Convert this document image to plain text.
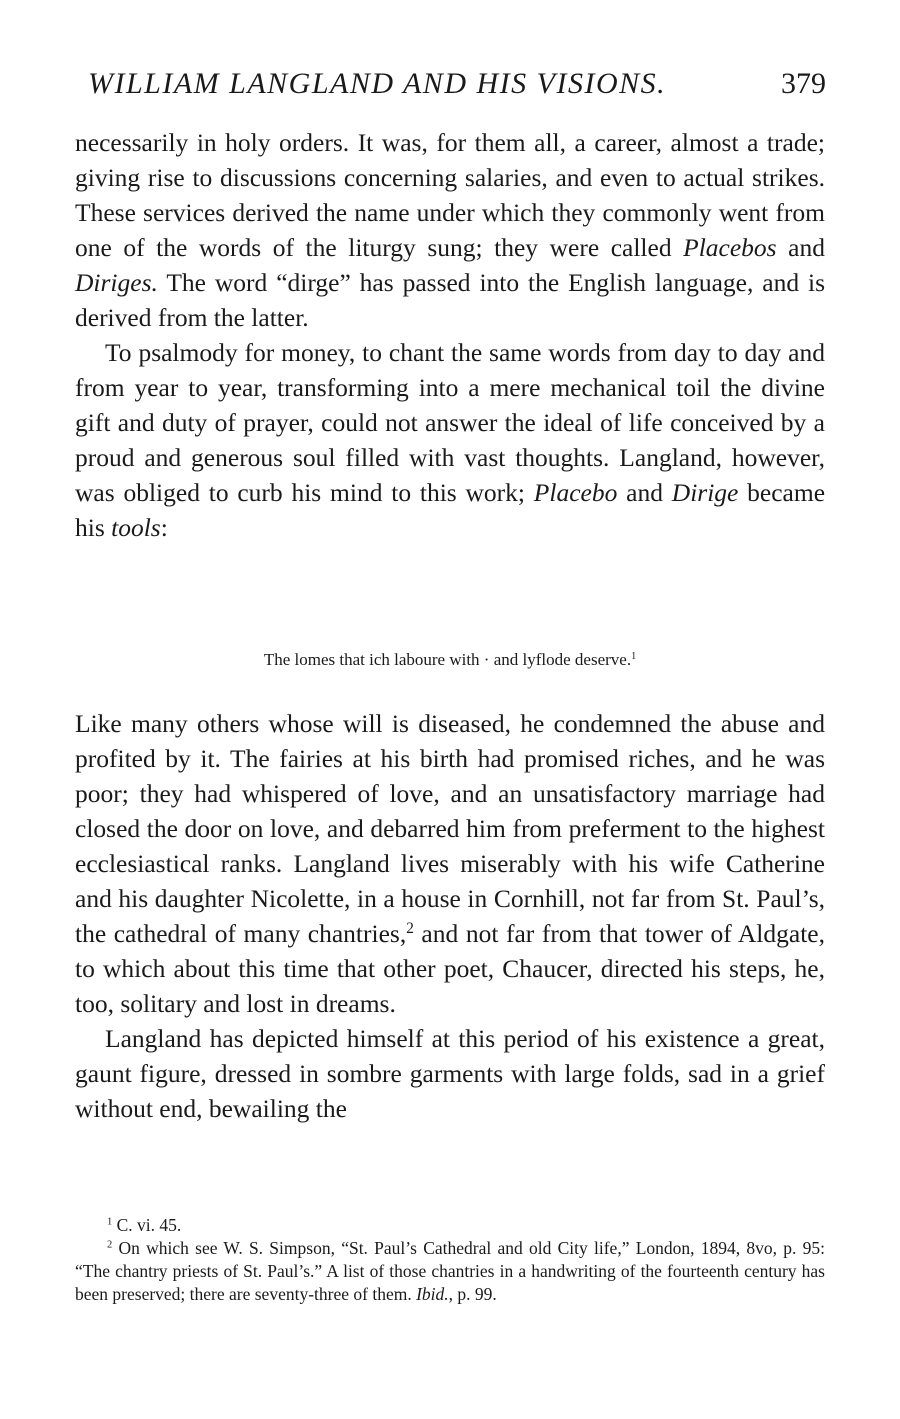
WILLIAM LANGLAND AND HIS VISIONS.	379

necessarily in holy orders. It was, for them all, a career, almost a trade; giving rise to discussions concerning salaries, and even to actual strikes. These services derived the name under which they commonly went from one of the words of the liturgy sung; they were called Placebos and Diriges. The word “dirge” has passed into the English language, and is derived from the latter.

To psalmody for money, to chant the same words from day to day and from year to year, transforming into a mere mechanical toil the divine gift and duty of prayer, could not answer the ideal of life conceived by a proud and generous soul filled with vast thoughts. Langland, however, was obliged to curb his mind to this work; Placebo and Dirige became his tools:

The lomes that ich laboure with · and lyflode deserve.$^1$

Like many others whose will is diseased, he condemned the abuse and profited by it. The fairies at his birth had promised riches, and he was poor; they had whispered of love, and an unsatisfactory marriage had closed the door on love, and debarred him from preferment to the highest ecclesiastical ranks. Langland lives miserably with his wife Catherine and his daughter Nicolette, in a house in Cornhill, not far from St. Paul’s, the cathedral of many chantries,$^2$ and not far from that tower of Aldgate, to which about this time that other poet, Chaucer, directed his steps, he, too, solitary and lost in dreams.

Langland has depicted himself at this period of his existence a great, gaunt figure, dressed in sombre garments with large folds, sad in a grief without end, bewailing the

$^1$ C. vi. 45.

$^2$ On which see W. S. Simpson, “St. Paul’s Cathedral and old City life,” London, 1894, 8vo, p. 95: “The chantry priests of St. Paul’s.” A list of those chantries in a handwriting of the fourteenth century has been preserved; there are seventy-three of them. Ibid., p. 99.
